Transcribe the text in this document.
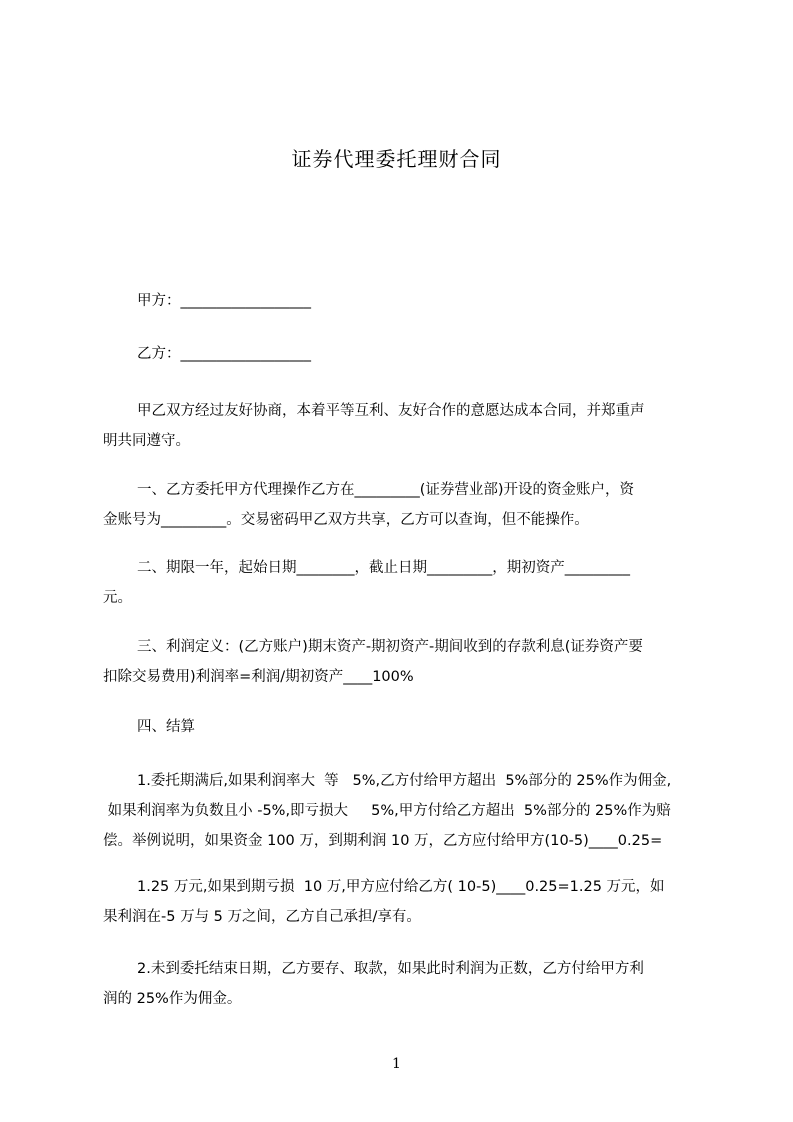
证券代理委托理财合同

甲方：__________________

乙方：__________________

甲乙双方经过友好协商，本着平等互利、友好合作的意愿达成本合同，并郑重声
明共同遵守。
一、乙方委托甲方代理操作乙方在_________(证券营业部)开设的资金账户，资
金账号为_________。交易密码甲乙双方共享，乙方可以查询，但不能操作。
二、期限一年，起始日期________，截止日期_________，期初资产_________
元。
三、利润定义：(乙方账户)期末资产-期初资产-期间收到的存款利息(证券资产要
扣除交易费用)利润率=利润/期初资产____100%

四、结算

1.委托期满后,如果利润率大  等   5%,乙方付给甲方超出  5%部分的 25%作为佣金,
如果利润率为负数且小 -5%,即亏损大     5%,甲方付给乙方超出  5%部分的 25%作为赔
偿。举例说明，如果资金 100 万，到期利润 10 万，乙方应付给甲方(10-5)____0.25=
1.25 万元,如果到期亏损  10 万,甲方应付给乙方( 10-5)____0.25=1.25 万元，如
果利润在-5 万与 5 万之间，乙方自己承担/享有。
2.未到委托结束日期，乙方要存、取款，如果此时利润为正数，乙方付给甲方利
润的 25%作为佣金。
1
